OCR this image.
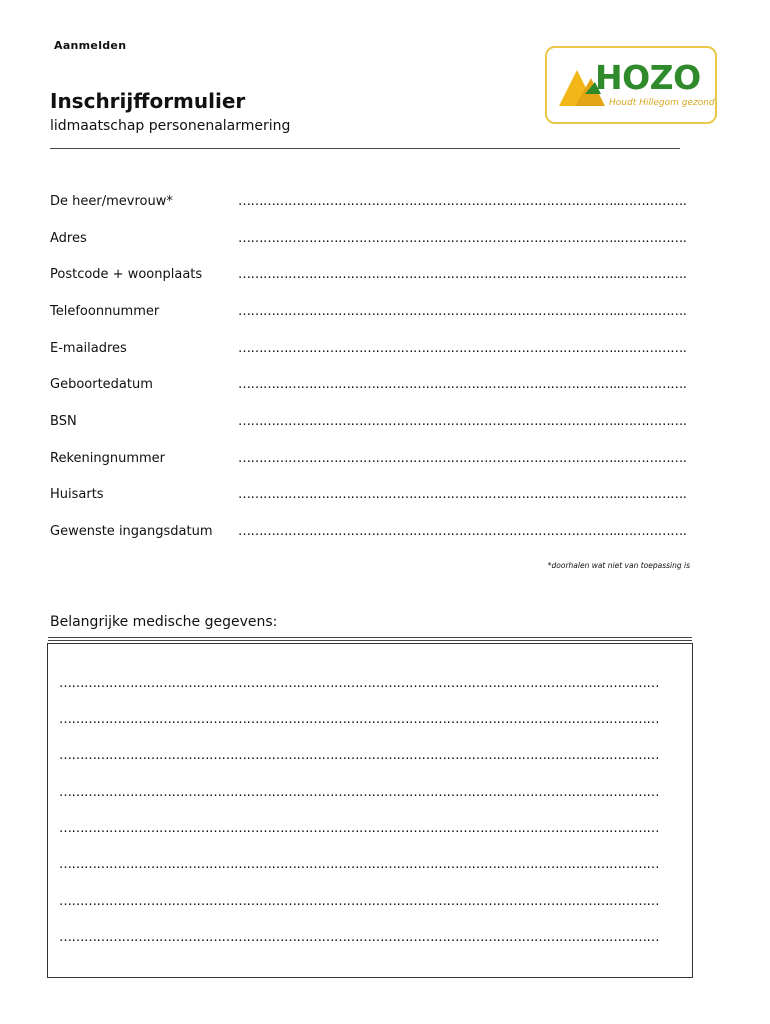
Aanmelden
HOZO
Houdt Hillegom gezond
Inschrijfformulier
lidmaatschap personenalarmering
De heer/mevrouw*	………………………………………………………………………………..…………….
Adres	………………………………………………………………………………..…………….
Postcode + woonplaats	………………………………………………………………………………..…………….
Telefoonnummer	………………………………………………………………………………..…………….
E-mailadres	………………………………………………………………………………..…………….
Geboortedatum	………………………………………………………………………………..…………….
BSN	………………………………………………………………………………..…………….
Rekeningnummer	………………………………………………………………………………..…………….
Huisarts	………………………………………………………………………………..…………….
Gewenste ingangsdatum ………………………………………………………………………………..…………….
*doorhalen wat niet van toepassing is
Belangrijke medische gegevens:
………………………………………………………………………………………………………………………………
………………………………………………………………………………………………………………………………
………………………………………………………………………………………………………………………………
………………………………………………………………………………………………………………………………
………………………………………………………………………………………………………………………………
………………………………………………………………………………………………………………………………
………………………………………………………………………………………………………………………………
………………………………………………………………………………………………………………………………
